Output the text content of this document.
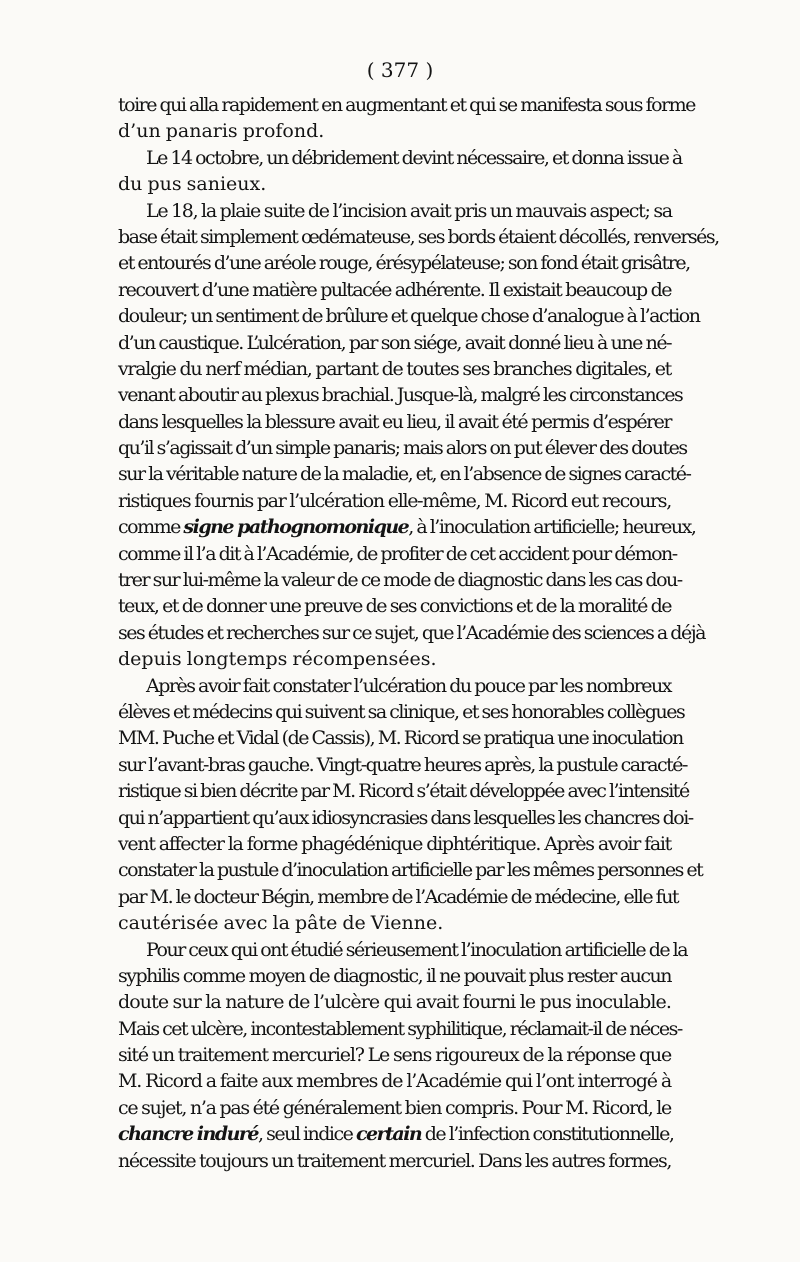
( 377 )
toire qui alla rapidement en augmentant et qui se manifesta sous forme
d’un panaris profond.
Le 14 octobre, un débridement devint nécessaire, et donna issue à
du pus sanieux.
Le 18, la plaie suite de l’incision avait pris un mauvais aspect; sa
base était simplement œdémateuse, ses bords étaient décollés, renversés,
et entourés d’une aréole rouge, érésypélateuse; son fond était grisâtre,
recouvert d’une matière pultacée adhérente. Il existait beaucoup de
douleur; un sentiment de brûlure et quelque chose d’analogue à l’action
d’un caustique. L’ulcération, par son siége, avait donné lieu à une né-
vralgie du nerf médian, partant de toutes ses branches digitales, et
venant aboutir au plexus brachial. Jusque-là, malgré les circonstances
dans lesquelles la blessure avait eu lieu, il avait été permis d’espérer
qu’il s’agissait d’un simple panaris; mais alors on put élever des doutes
sur la véritable nature de la maladie, et, en l’absence de signes caracté-
ristiques fournis par l’ulcération elle-même, M. Ricord eut recours,
comme signe pathognomonique, à l’inoculation artificielle; heureux,
comme il l’a dit à l’Académie, de profiter de cet accident pour démon-
trer sur lui-même la valeur de ce mode de diagnostic dans les cas dou-
teux, et de donner une preuve de ses convictions et de la moralité de
ses études et recherches sur ce sujet, que l’Académie des sciences a déjà
depuis longtemps récompensées.
Après avoir fait constater l’ulcération du pouce par les nombreux
élèves et médecins qui suivent sa clinique, et ses honorables collègues
MM. Puche et Vidal (de Cassis), M. Ricord se pratiqua une inoculation
sur l’avant-bras gauche. Vingt-quatre heures après, la pustule caracté-
ristique si bien décrite par M. Ricord s’était développée avec l’intensité
qui n’appartient qu’aux idiosyncrasies dans lesquelles les chancres doi-
vent affecter la forme phagédénique diphtéritique. Après avoir fait
constater la pustule d’inoculation artificielle par les mêmes personnes et
par M. le docteur Bégin, membre de l’Académie de médecine, elle fut
cautérisée avec la pâte de Vienne.
Pour ceux qui ont étudié sérieusement l’inoculation artificielle de la
syphilis comme moyen de diagnostic, il ne pouvait plus rester aucun
doute sur la nature de l’ulcère qui avait fourni le pus inoculable.
Mais cet ulcère, incontestablement syphilitique, réclamait-il de néces-
sité un traitement mercuriel? Le sens rigoureux de la réponse que
M. Ricord a faite aux membres de l’Académie qui l’ont interrogé à
ce sujet, n’a pas été généralement bien compris. Pour M. Ricord, le
chancre induré, seul indice certain de l’infection constitutionnelle,
nécessite toujours un traitement mercuriel. Dans les autres formes,
